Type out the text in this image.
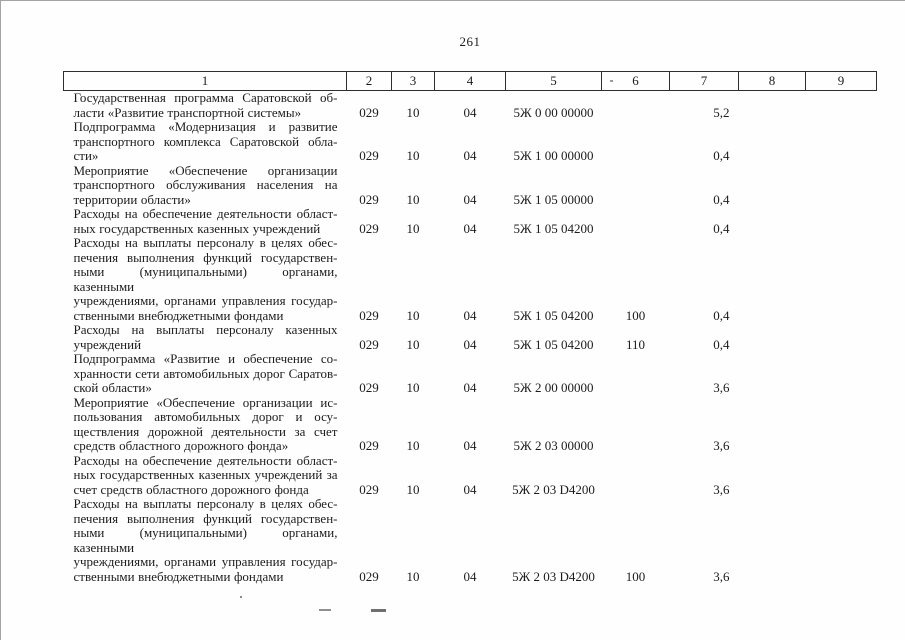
261
1	2	3	4	5	6	7	8	9

Государственная программа Саратовской об-
ласти «Развитие транспортной системы»	029	10	04	5Ж 0 00 00000		5,2		

Подпрограмма «Модернизация и развитие
транспортного комплекса Саратовской обла-
сти»	029	10	04	5Ж 1 00 00000		0,4		

Мероприятие «Обеспечение организации
транспортного обслуживания населения на
территории области»	029	10	04	5Ж 1 05 00000		0,4		

Расходы на обеспечение деятельности област-
ных государственных казенных учреждений	029	10	04	5Ж 1 05 04200		0,4		

Расходы на выплаты персоналу в целях обес-
печения выполнения функций государствен-
ными (муниципальными) органами, казенными
учреждениями, органами управления государ-
ственными внебюджетными фондами	029	10	04	5Ж 1 05 04200	100	0,4		

Расходы на выплаты персоналу казенных
учреждений	029	10	04	5Ж 1 05 04200	110	0,4		

Подпрограмма «Развитие и обеспечение со-
хранности сети автомобильных дорог Саратов-
ской области»	029	10	04	5Ж 2 00 00000		3,6		

Мероприятие «Обеспечение организации ис-
пользования автомобильных дорог и осу-
ществления дорожной деятельности за счет
средств областного дорожного фонда»	029	10	04	5Ж 2 03 00000		3,6		

Расходы на обеспечение деятельности област-
ных государственных казенных учреждений за
счет средств областного дорожного фонда	029	10	04	5Ж 2 03 D4200		3,6		

Расходы на выплаты персоналу в целях обес-
печения выполнения функций государствен-
ными (муниципальными) органами, казенными
учреждениями, органами управления государ-
ственными внебюджетными фондами	029	10	04	5Ж 2 03 D4200	100	3,6		
